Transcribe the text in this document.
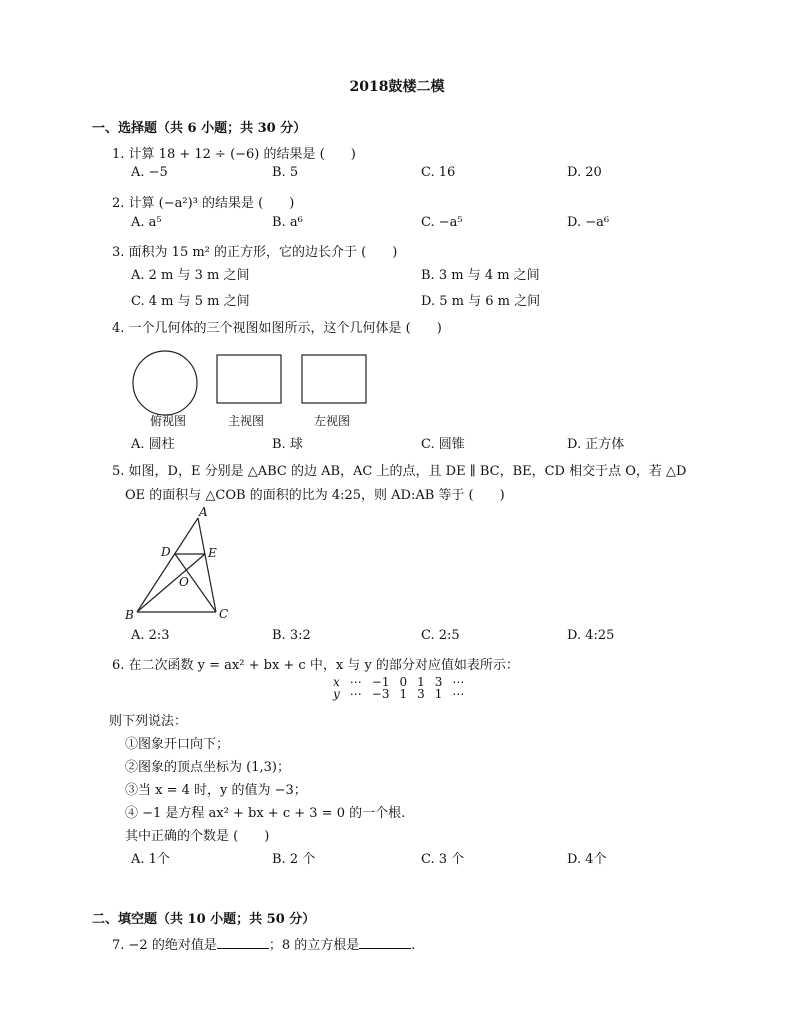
2018鼓楼二模
一、选择题（共 6 小题；共 30 分）
1. 计算 18 + 12 ÷ (−6) 的结果是 (　　)
A. −5	B. 5	C. 16	D. 20
2. 计算 (−a²)³ 的结果是 (　　)
A. a⁵	B. a⁶	C. −a⁵	D. −a⁶
3. 面积为 15 m² 的正方形，它的边长介于 (　　)
A. 2 m 与 3 m 之间	B. 3 m 与 4 m 之间
C. 4 m 与 5 m 之间	D. 5 m 与 6 m 之间
4. 一个几何体的三个视图如图所示，这个几何体是 (　　)
俯视图	主视图	左视图
A. 圆柱	B. 球	C. 圆锥	D. 正方体
5. 如图，D，E 分别是 △ABC 的边 AB，AC 上的点，且 DE ∥ BC，BE，CD 相交于点 O，若 △D
OE 的面积与 △COB 的面积的比为 4:25，则 AD:AB 等于 (　　)
A
D	E
O
B	C
A. 2:3	B. 3:2	C. 2:5	D. 4:25
6. 在二次函数 y = ax² + bx + c 中，x 与 y 的部分对应值如表所示：
x	⋯	−1	0	1	3	⋯
y	⋯	−3	1	3	1	⋯
则下列说法：
①图象开口向下；
②图象的顶点坐标为 (1,3)；
③当 x = 4 时，y 的值为 −3；
④ −1 是方程 ax² + bx + c + 3 = 0 的一个根.
其中正确的个数是 (　　)
A. 1个	B. 2 个	C. 3 个	D. 4个
二、填空题（共 10 小题；共 50 分）
7. −2 的绝对值是	；8 的立方根是	.
